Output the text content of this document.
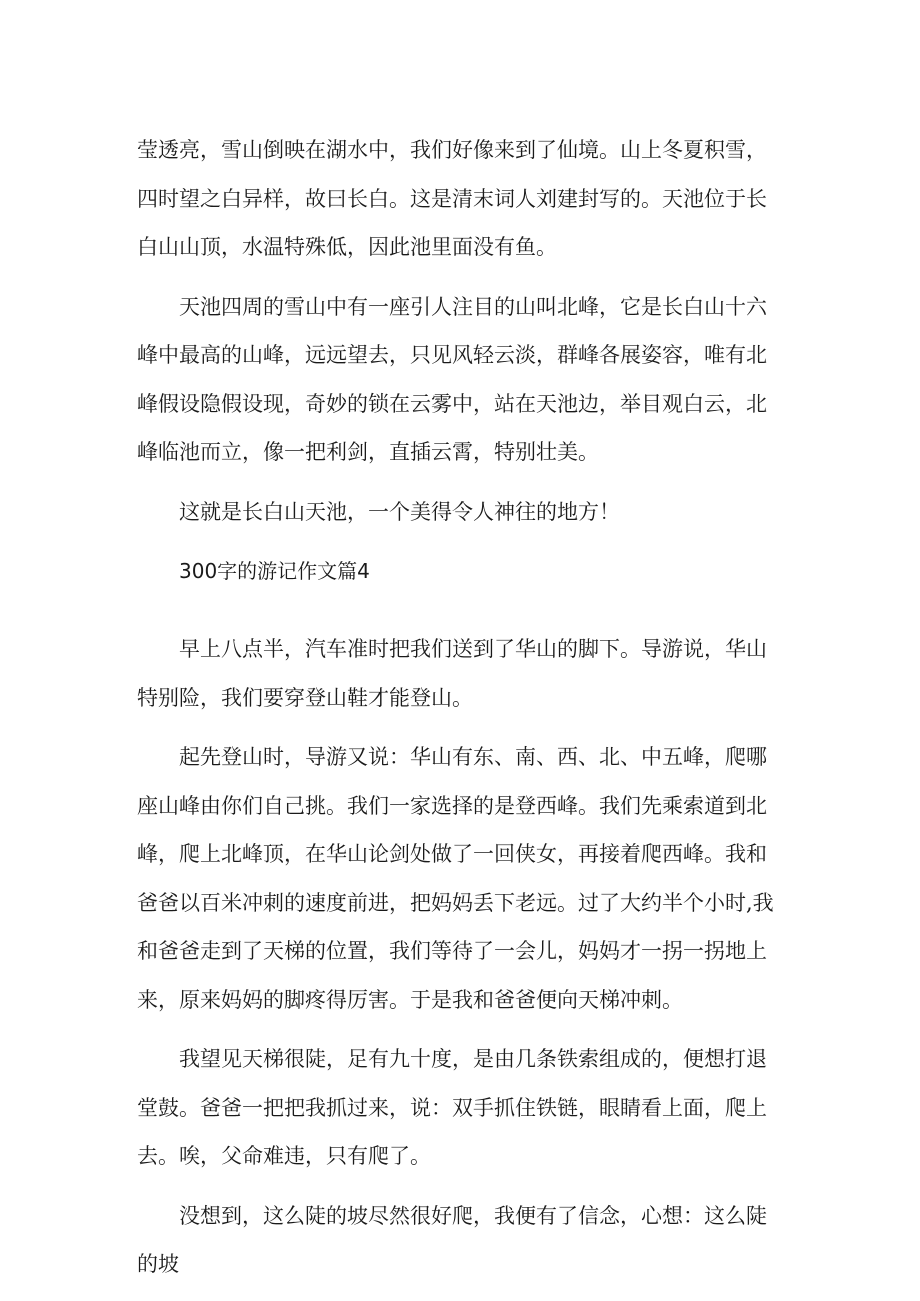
莹透亮，雪山倒映在湖水中，我们好像来到了仙境。山上冬夏积雪，四时望之白异样，故曰长白。这是清末词人刘建封写的。天池位于长白山山顶，水温特殊低，因此池里面没有鱼。

天池四周的雪山中有一座引人注目的山叫北峰，它是长白山十六峰中最高的山峰，远远望去，只见风轻云淡，群峰各展姿容，唯有北峰假设隐假设现，奇妙的锁在云雾中，站在天池边，举目观白云，北峰临池而立，像一把利剑，直插云霄，特别壮美。

这就是长白山天池，一个美得令人神往的地方！

300字的游记作文篇4

早上八点半，汽车准时把我们送到了华山的脚下。导游说，华山特别险，我们要穿登山鞋才能登山。

起先登山时，导游又说：华山有东、南、西、北、中五峰，爬哪座山峰由你们自己挑。我们一家选择的是登西峰。我们先乘索道到北峰，爬上北峰顶，在华山论剑处做了一回侠女，再接着爬西峰。我和爸爸以百米冲刺的速度前进，把妈妈丢下老远。过了大约半个小时,我和爸爸走到了天梯的位置，我们等待了一会儿，妈妈才一拐一拐地上来，原来妈妈的脚疼得厉害。于是我和爸爸便向天梯冲刺。

我望见天梯很陡，足有九十度，是由几条铁索组成的，便想打退堂鼓。爸爸一把把我抓过来，说：双手抓住铁链，眼睛看上面，爬上去。唉，父命难违，只有爬了。

没想到，这么陡的坡尽然很好爬，我便有了信念，心想：这么陡的坡
